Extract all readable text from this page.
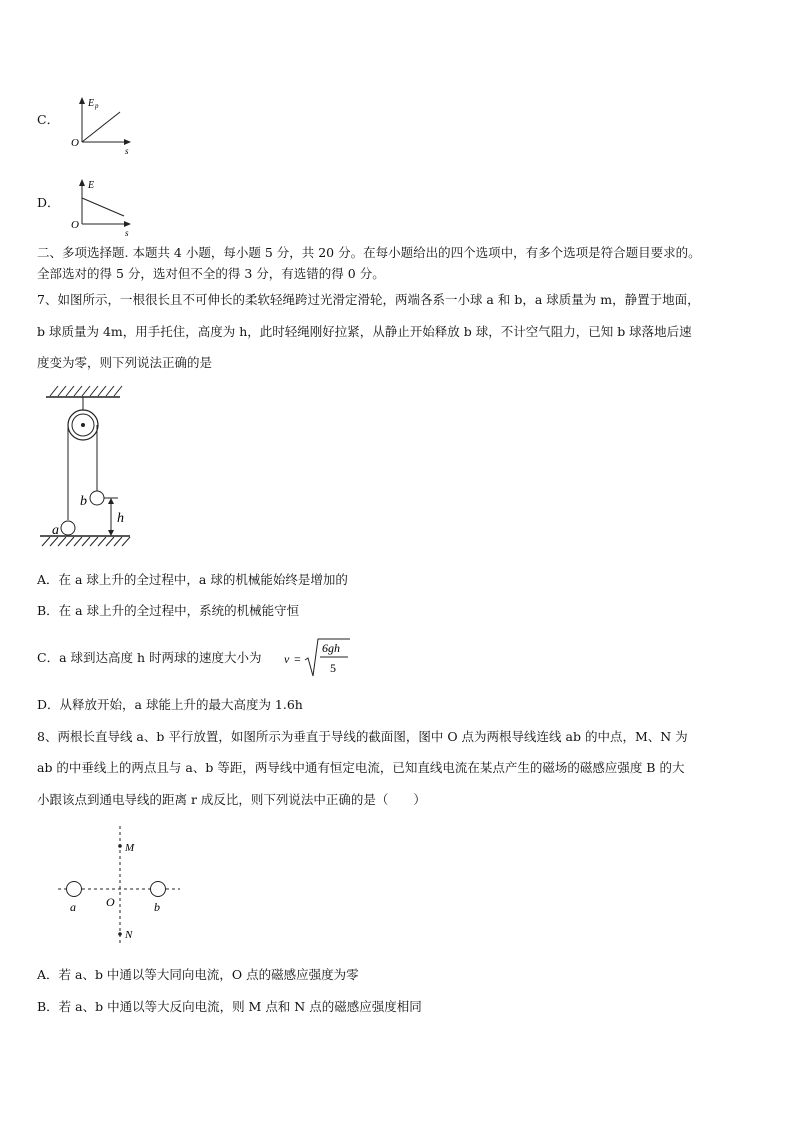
C．
E p
s
O
D．
E
s
O
二、多项选择题. 本题共 4 小题，每小题 5 分，共 20 分。在每小题给出的四个选项中，有多个选项是符合题目要求的。
全部选对的得 5 分，选对但不全的得 3 分，有选错的得 0 分。
7、如图所示，一根很长且不可伸长的柔软轻绳跨过光滑定滑轮，两端各系一小球 a 和 b，a 球质量为 m，静置于地面，
b 球质量为 4m，用手托住，高度为 h，此时轻绳刚好拉紧，从静止开始释放 b 球，不计空气阻力，已知 b 球落地后速
度变为零，则下列说法正确的是
b
h
a
A．在 a 球上升的全过程中，a 球的机械能始终是增加的
B．在 a 球上升的全过程中，系统的机械能守恒
C．a 球到达高度 h 时两球的速度大小为 v =
6gh
5
D．从释放开始，a 球能上升的最大高度为 1.6h
8、两根长直导线 a、b 平行放置，如图所示为垂直于导线的截面图，图中 O 点为两根导线连线 ab 的中点，M、N 为
ab 的中垂线上的两点且与 a、b 等距，两导线中通有恒定电流，已知直线电流在某点产生的磁场的磁感应强度 B 的大
小跟该点到通电导线的距离 r 成反比，则下列说法中正确的是（　　）
M
N
O
a	b
A．若 a、b 中通以等大同向电流，O 点的磁感应强度为零
B．若 a、b 中通以等大反向电流，则 M 点和 N 点的磁感应强度相同
